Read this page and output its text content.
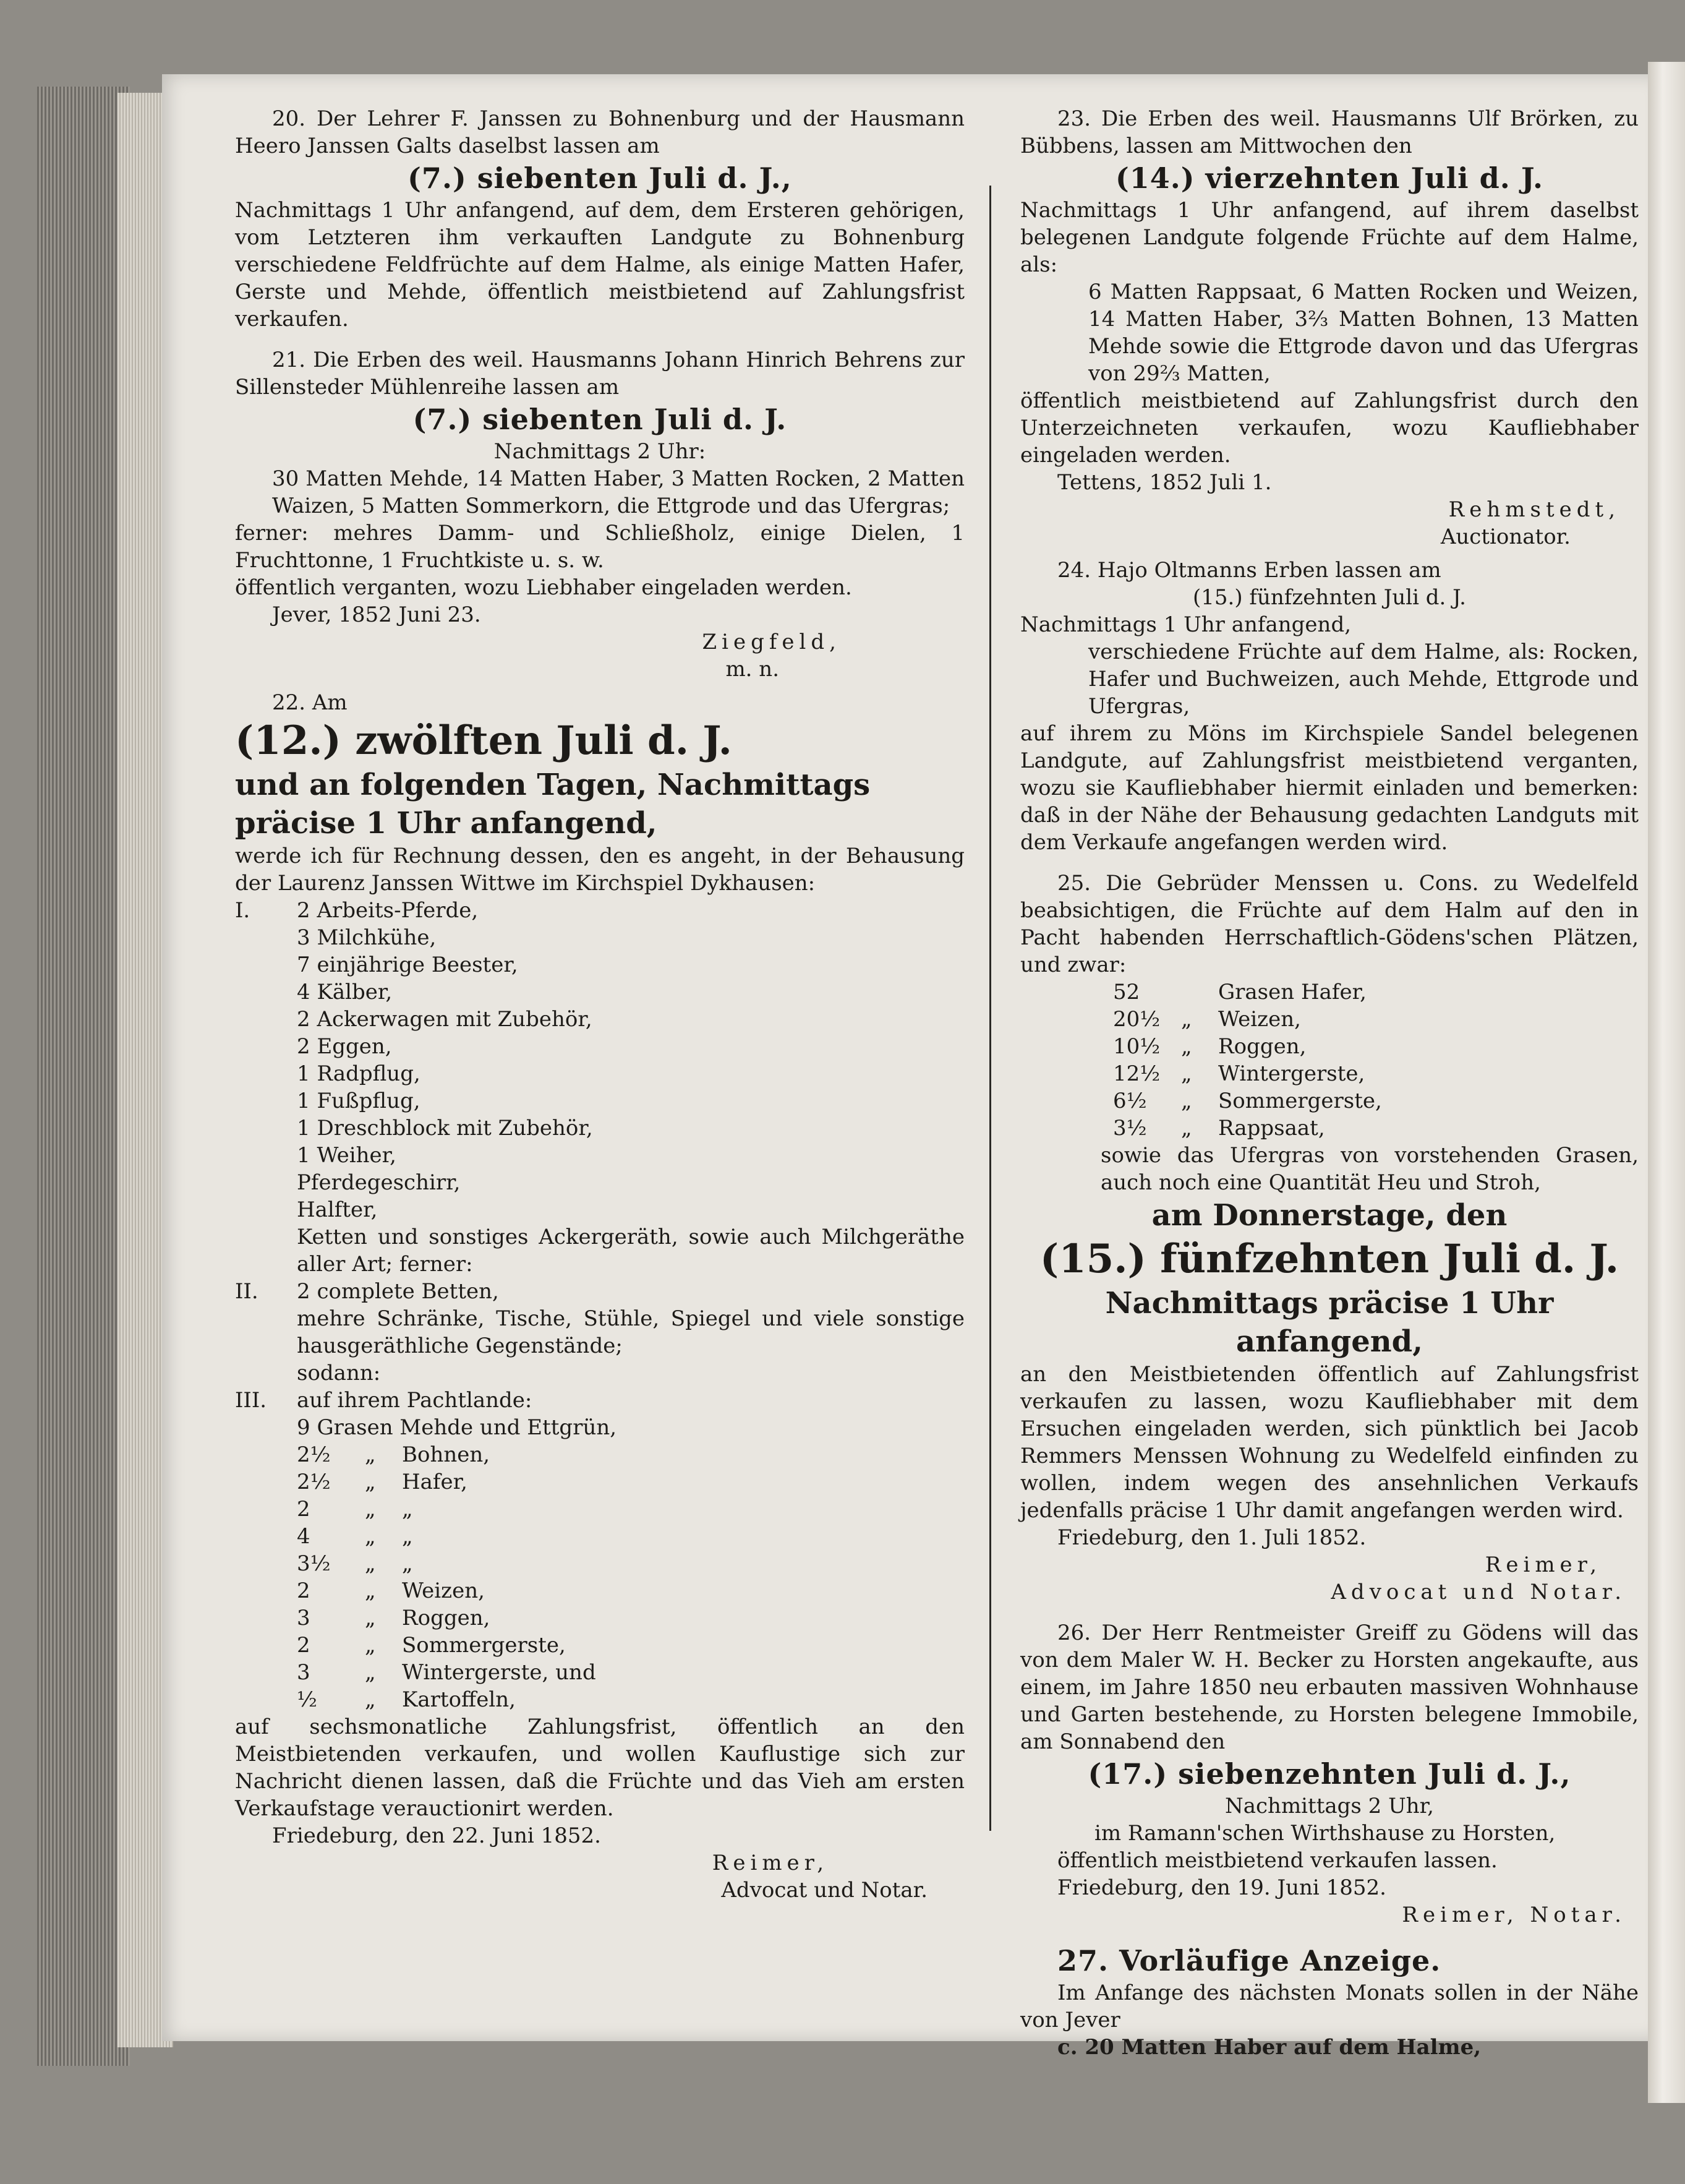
20. Der Lehrer F. Janssen zu Bohnenburg und der Hausmann Heero Janssen Galts daselbst lassen am

(7.) siebenten Juli d. J.,

Nachmittags 1 Uhr anfangend, auf dem, dem Ersteren gehörigen, vom Letzteren ihm verkauften Landgute zu Bohnenburg verschiedene Feldfrüchte auf dem Halme, als einige Matten Hafer, Gerste und Mehde, öffentlich meistbietend auf Zahlungsfrist verkaufen.

21. Die Erben des weil. Hausmanns Johann Hinrich Behrens zur Sillensteder Mühlenreihe lassen am

(7.) siebenten Juli d. J.

Nachmittags 2 Uhr:

30 Matten Mehde, 14 Matten Haber, 3 Matten Rocken, 2 Matten Waizen, 5 Matten Sommerkorn, die Ettgrode und das Ufergras;

ferner: mehres Damm- und Schließholz, einige Dielen, 1 Fruchttonne, 1 Fruchtkiste u. s. w.

öffentlich verganten, wozu Liebhaber eingeladen werden.

Jever, 1852 Juni 23.

Ziegfeld,

m. n.

22. Am

(12.) zwölften Juli d. J.

und an folgenden Tagen, Nachmittags präcise 1 Uhr anfangend,

werde ich für Rechnung dessen, den es angeht, in der Behausung der Laurenz Janssen Wittwe im Kirchspiel Dykhausen:

I.	2 Arbeits-Pferde,
3 Milchkühe,
7 einjährige Beester,
4 Kälber,
2 Ackerwagen mit Zubehör,
2 Eggen,
1 Radpflug,
1 Fußpflug,
1 Dreschblock mit Zubehör,
1 Weiher,
Pferdegeschirr,
Halfter,
Ketten und sonstiges Ackergeräth, sowie auch Milchgeräthe aller Art; ferner:
II.	2 complete Betten,
mehre Schränke, Tische, Stühle, Spiegel und viele sonstige hausgeräthliche Gegenstände;
sodann:
III.	auf ihrem Pachtlande:
9 Grasen Mehde und Ettgrün,
2½	„	Bohnen,
2½	„	Hafer,
2	„	„
4	„	„
3½	„	„
2	„	Weizen,
3	„	Roggen,
2	„	Sommergerste,
3	„	Wintergerste, und
½	„	Kartoffeln,

auf sechsmonatliche Zahlungsfrist, öffentlich an den Meistbietenden verkaufen, und wollen Kauflustige sich zur Nachricht dienen lassen, daß die Früchte und das Vieh am ersten Verkaufstage verauctionirt werden.

Friedeburg, den 22. Juni 1852.

Reimer,

Advocat und Notar.

23. Die Erben des weil. Hausmanns Ulf Brörken, zu Bübbens, lassen am Mittwochen den

(14.) vierzehnten Juli d. J.

Nachmittags 1 Uhr anfangend, auf ihrem daselbst belegenen Landgute folgende Früchte auf dem Halme, als:

6 Matten Rappsaat, 6 Matten Rocken und Weizen, 14 Matten Haber, 3⅔ Matten Bohnen, 13 Matten Mehde sowie die Ettgrode davon und das Ufergras von 29⅔ Matten,

öffentlich meistbietend auf Zahlungsfrist durch den Unterzeichneten verkaufen, wozu Kaufliebhaber eingeladen werden.

Tettens, 1852 Juli 1.

Rehmstedt,

Auctionator.

24. Hajo Oltmanns Erben lassen am

(15.) fünfzehnten Juli d. J.

Nachmittags 1 Uhr anfangend,

verschiedene Früchte auf dem Halme, als: Rocken, Hafer und Buchweizen, auch Mehde, Ettgrode und Ufergras,

auf ihrem zu Möns im Kirchspiele Sandel belegenen Landgute, auf Zahlungsfrist meistbietend verganten, wozu sie Kaufliebhaber hiermit einladen und bemerken: daß in der Nähe der Behausung gedachten Landguts mit dem Verkaufe angefangen werden wird.

25. Die Gebrüder Menssen u. Cons. zu Wedelfeld beabsichtigen, die Früchte auf dem Halm auf den in Pacht habenden Herrschaftlich-Gödens'schen Plätzen, und zwar:

52	Grasen Hafer,
20½ „	Weizen,
10½ „	Roggen,
12½ „	Wintergerste,
6½	„	Sommergerste,
3½	„	Rappsaat,

sowie das Ufergras von vorstehenden Grasen, auch noch eine Quantität Heu und Stroh,

am Donnerstage, den

(15.) fünfzehnten Juli d. J.

Nachmittags präcise 1 Uhr anfangend,

an den Meistbietenden öffentlich auf Zahlungsfrist verkaufen zu lassen, wozu Kaufliebhaber mit dem Ersuchen eingeladen werden, sich pünktlich bei Jacob Remmers Menssen Wohnung zu Wedelfeld einfinden zu wollen, indem wegen des ansehnlichen Verkaufs jedenfalls präcise 1 Uhr damit angefangen werden wird.

Friedeburg, den 1. Juli 1852.

Reimer,

Advocat und Notar.

26. Der Herr Rentmeister Greiff zu Gödens will das von dem Maler W. H. Becker zu Horsten angekaufte, aus einem, im Jahre 1850 neu erbauten massiven Wohnhause und Garten bestehende, zu Horsten belegene Immobile, am Sonnabend den

(17.) siebenzehnten Juli d. J.,

Nachmittags 2 Uhr,

im Ramann'schen Wirthshause zu Horsten, öffentlich meistbietend verkaufen lassen.

Friedeburg, den 19. Juni 1852.

Reimer, Notar.

27. Vorläufige Anzeige.

Im Anfange des nächsten Monats sollen in der Nähe von Jever

c. 20 Matten Haber auf dem Halme,
